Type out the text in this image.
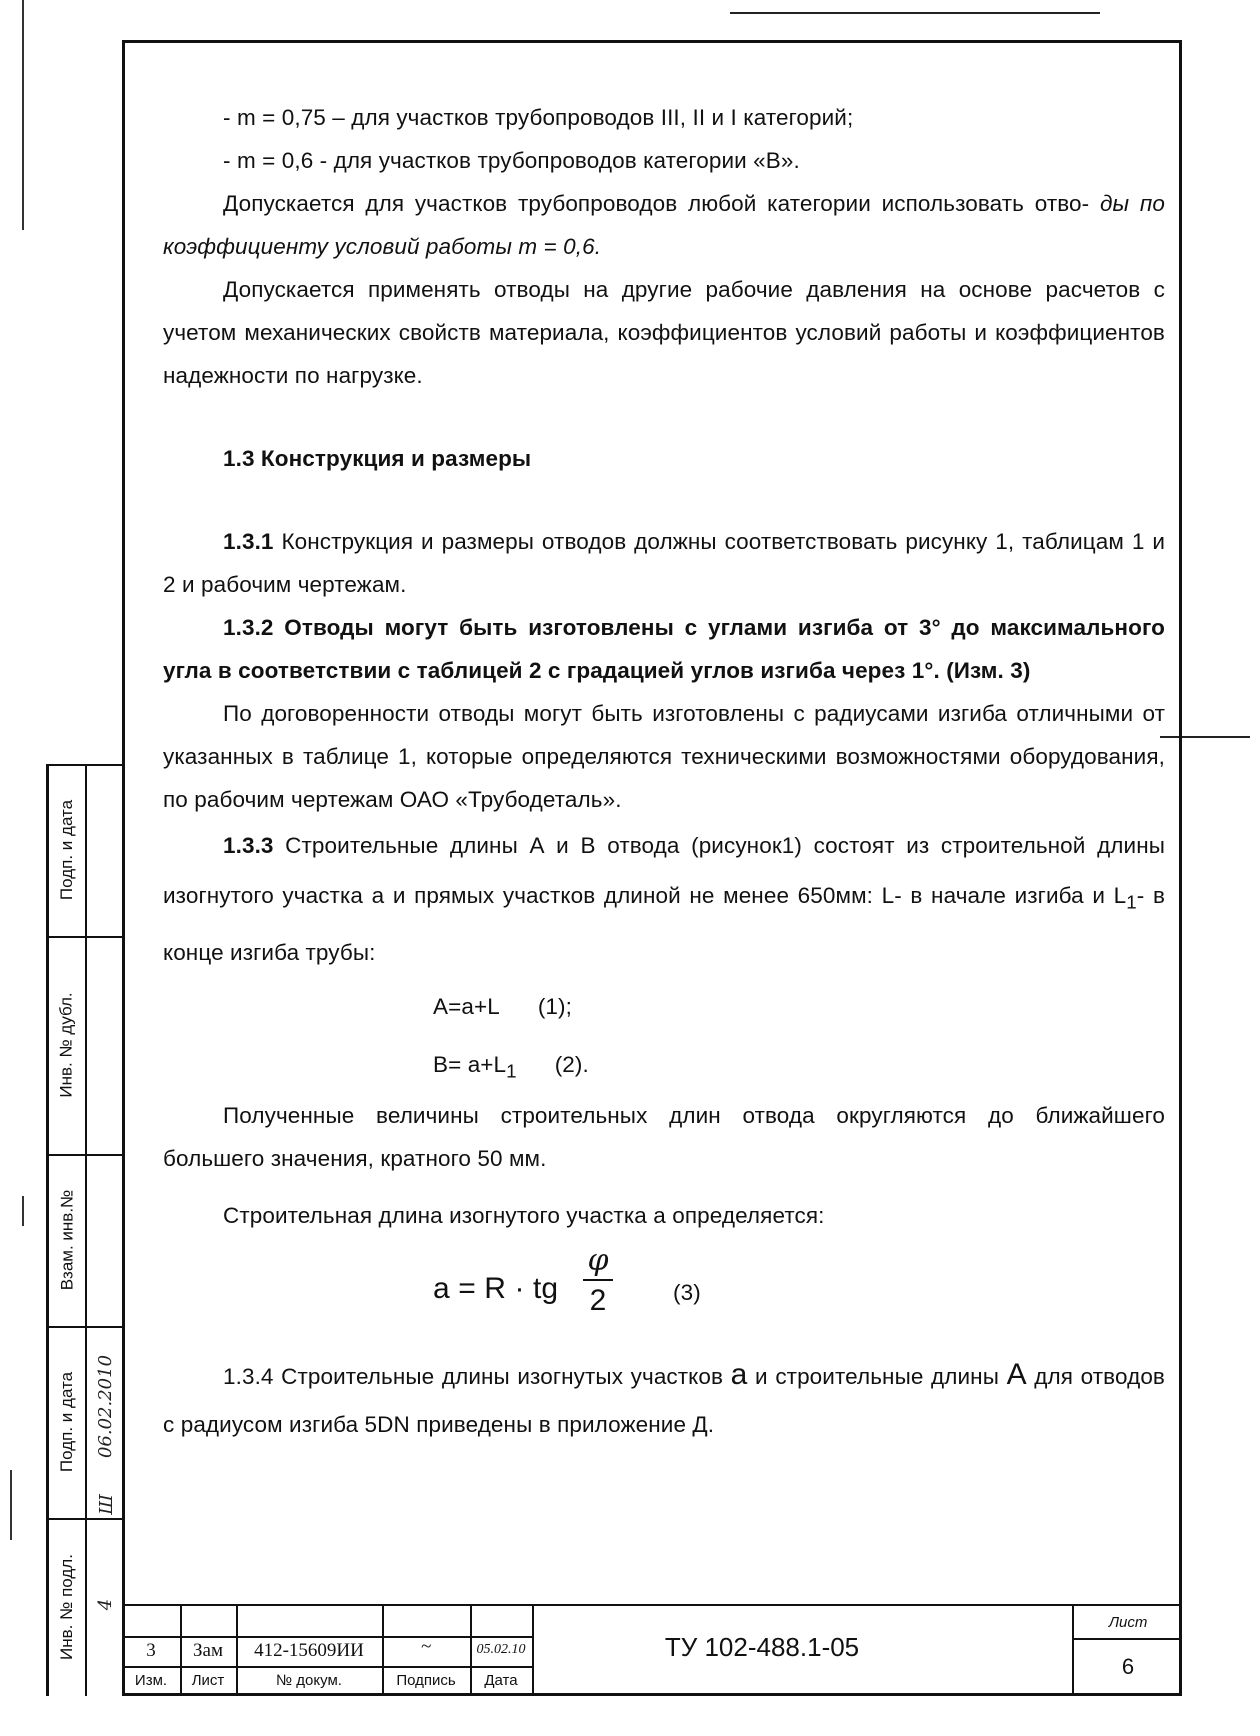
- m = 0,75 – для участков трубопроводов III, II и I категорий;

- m = 0,6 - для участков трубопроводов категории «В».

Допускается для участков трубопроводов любой категории использовать отво- ды по коэффициенту условий работы m = 0,6.

Допускается применять отводы на другие рабочие давления на основе расчетов с учетом механических свойств материала, коэффициентов условий работы и коэффициентов надежности по нагрузке.

1.3 Конструкция и размеры

1.3.1 Конструкция и размеры отводов должны соответствовать рисунку 1, таблицам 1 и 2 и рабочим чертежам.

1.3.2 Отводы могут быть изготовлены с углами изгиба от 3° до максимального угла в соответствии с таблицей 2 с градацией углов изгиба через 1°. (Изм. 3)

По договоренности отводы могут быть изготовлены с радиусами изгиба отличными от указанных в таблице 1, которые определяются техническими возможностями оборудования, по рабочим чертежам ОАО «Трубодеталь».

1.3.3 Строительные длины А и В отвода (рисунок1) состоят из строительной длины изогнутого участка a и прямых участков длиной не менее 650мм: L- в начале изгиба и $L_1-$ в конце изгиба трубы:

A=a+L (1);

$B= a+L_1$ (2).

Полученные величины строительных длин отвода округляются до ближайшего большего значения, кратного 50 мм.

Строительная длина изогнутого участка a определяется:

a = R · tg
φ
2	(3)

1.3.4 Строительные длины изогнутых участков a и строительные длины А для отводов с радиусом изгиба 5DN приведены в приложение Д.

Подп. и дата
Инв. № дубл.
Взам. инв.№
Подп. и дата 06.02.2010
Ш
Инв. № подл. 4
3	Зам	412-15609ИИ	~	05.02.10
Изм.	Лист	№ докум.	Подпись	Дата
ТУ 102-488.1-05
Лист
6
